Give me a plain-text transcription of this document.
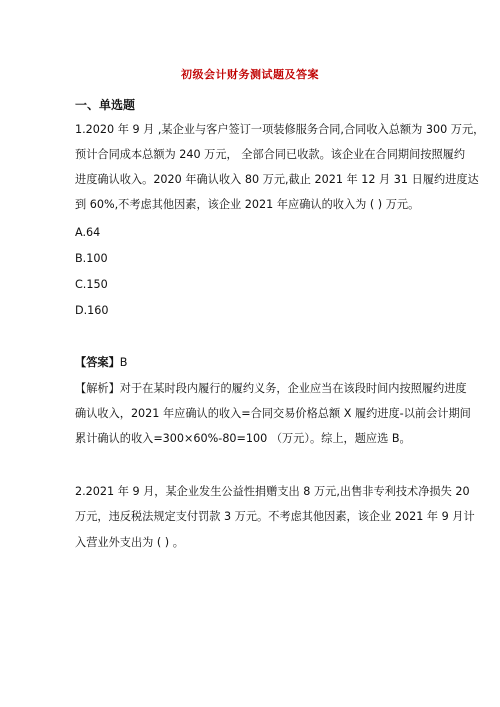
初级会计财务测试题及答案
一、单选题
1.2020 年 9 月 ,某企业与客户签订一项装修服务合同,合同收入总额为 300 万元，
预计合同成本总额为 240 万元， 全部合同已收款。该企业在合同期间按照履约
进度确认收入。2020 年确认收入 80 万元,截止 2021 年 12 月 31 日履约进度达
到 60%,不考虑其他因素，该企业 2021 年应确认的收入为 ( ) 万元。
A.64
B.100
C.150
D.160
【答案】B
【解析】对于在某时段内履行的履约义务，企业应当在该段时间内按照履约进度
确认收入，2021 年应确认的收入=合同交易价格总额 X 履约进度-以前会计期间
累计确认的收入=300×60%-80=100 （万元）。综上，题应选 B。
2.2021 年 9 月，某企业发生公益性捐赠支出 8 万元,出售非专利技术净损失 20
万元，违反税法规定支付罚款 3 万元。不考虑其他因素，该企业 2021 年 9 月计
入营业外支出为 ( ) 。
